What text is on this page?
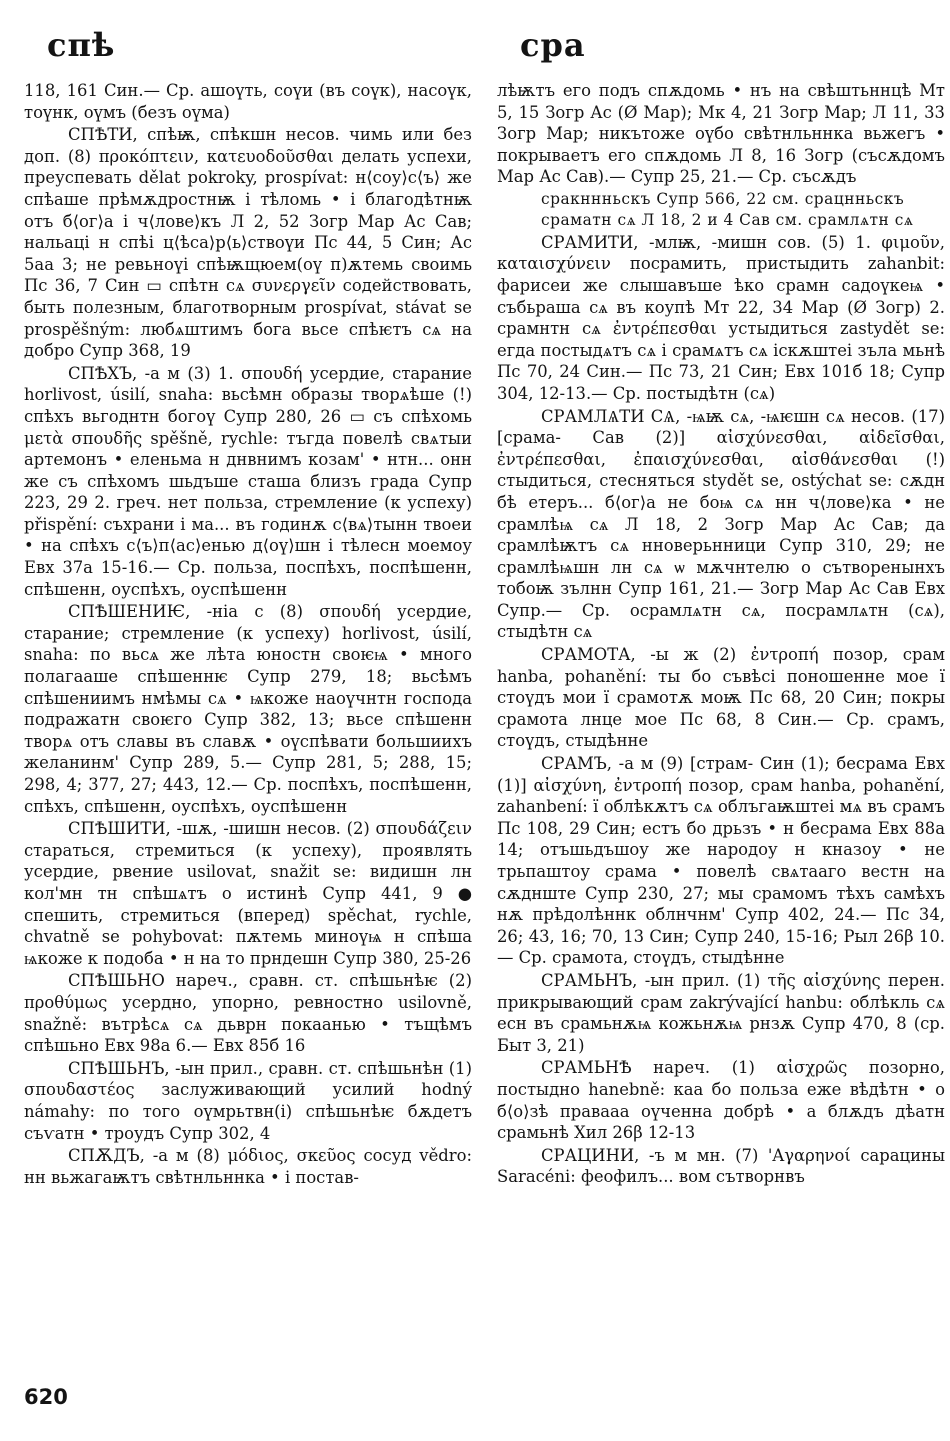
спѣ	сра

118, 161 Син.— Ср. ашоүть, соүи (въ соүк), насоүк, тоүнк, оүмъ (безъ оүма)

СПѢТИ, спѣѭ, спѣкшн несов. чимь или без доп. (8) προκόπτειν, κατευοδοῦσθαι делать успехи, преуспевать dělat pokroky, prospívat: н⟨соу⟩с⟨ъ⟩ же спѣаше прѣмѫдростнѭ і тѣломь • і благодѣтнѭ отъ б⟨ог⟩а і ч⟨лове⟩къ Л 2, 52 Зогр Мар Ас Сав; нальаці н спѣі ц⟨ѣса⟩р⟨ь⟩ствоүи Пс 44, 5 Син; Ас 5аа 3; не ревьноүі спѣѭщюем(оү п)ѫтемь своимь Пс 36, 7 Син ▭ спѣтн сѧ συνεργεῖν содействовать, быть полезным, благотворным prospívat, stávat se prospěšným: любѧштимъ бога вьсе спѣѥтъ сѧ на добро Супр 368, 19

СПѢХЪ, -а м (3) 1. σπουδή усердие, старание horlivost, úsilí, snaha: вьсѣмн образы творѧѣше (!) спѣхъ вьгоднтн богоү Супр 280, 26 ▭ съ спѣхомь μετὰ σπουδῆς spěšně, rychle: тъгда повелѣ свѧтыи артемонъ • еленьма н днвнимъ козам' • нтн... онн же съ спѣхомъ шьдъше сташа близъ града Супр 223, 29 2. греч. нет польза, стремление (к успеху) přispění: съхрани і ма... въ годинѫ с⟨вѧ⟩тынн твоеи • на спѣхъ с⟨ъ⟩п⟨ас⟩енью д⟨оү⟩шн і тѣлесн моемоу Евх 37а 15-16.— Ср. польза, поспѣхъ, поспѣшенн, спѣшенн, оуспѣхъ, оуспѣшенн

СПѢШЕНИѤ, -ніа с (8) σπουδή усердие, старание; стремление (к успеху) horlivost, úsilí, snaha: по вьсѧ же лѣта юностн своѥѩ • много полагааше спѣшеннѥ Супр 279, 18; вьсѣмъ спѣшениимъ нмѣмы сѧ • ѩкоже наоүчнтн господа подражатн своѥго Супр 382, 13; вьсе спѣшенн творѧ отъ славы въ славѫ • оүспѣвати большиихъ желанинм' Супр 289, 5.— Супр 281, 5; 288, 15; 298, 4; 377, 27; 443, 12.— Ср. поспѣхъ, поспѣшенн, спѣхъ, спѣшенн, оуспѣхъ, оуспѣшенн

СПѢШИТИ, -шѫ, -шишн несов. (2) σπουδάζειν стараться, стремиться (к успеху), проявлять усердие, рвение usilovat, snažit se: видишн лн кол'мн тн спѣшѧтъ о истинѣ Супр 441, 9 ● спешить, стремиться (вперед) spěchat, rychle, chvatně se pohybovat: пѫтемь миноүѩ н спѣша ѩкоже к подоба • н на то прндешн Супр 380, 25-26

СПѢШЬНО нареч., сравн. ст. спѣшьнѣѥ (2) προθύμως усердно, упорно, ревностно usilovně, snažně: вътрѣсѧ сѧ дьврн покаанью • тъщѣмъ спѣшьно Евх 98а 6.— Евх 85б 16

СПѢШЬНЪ, -ын прил., сравн. ст. спѣшьнѣн (1) σπουδαστέος заслуживающий усилий hodný námahy: по того оүмрьтвн(і) спѣшьнѣѥ бѫдетъ съѵатн • троудъ Супр 302, 4

СПѪДЪ, -а м (8) μόδιος, σκεῦος сосуд vědro: нн вьжагаѭтъ свѣтнльннка • і постав-

лѣѭтъ его подъ спѫдомь • нъ на свѣштьннцѣ Мт 5, 15 Зогр Ас (Ø Мар); Мк 4, 21 Зогр Мар; Л 11, 33 Зогр Мар; никътоже оүбо свѣтнльннка вьжегъ • покрываетъ его спѫдомь Л 8, 16 Зогр (съсѫдомъ Мар Ас Сав).— Супр 25, 21.— Ср. съсѫдъ

сракннньскъ Супр 566, 22 см. срацнньскъ

сраматн сѧ Л 18, 2 и 4 Сав см. срамлѧтн сѧ

СРАМИТИ, -млѭ, -мишн сов. (5) 1. φιμοῦν, καταισχύνειν посрамить, пристыдить zahanbit: фарисеи же слышавъше ѣко срамн садоүкеѩ • събьраша сѧ въ коупѣ Мт 22, 34 Мар (Ø Зогр) 2. срамнтн сѧ ἐντρέπεσθαι устыдиться zastydět se: егда постыдѧтъ сѧ і срамѧтъ сѧ іскѫштеі зъла мьнѣ Пс 70, 24 Син.— Пс 73, 21 Син; Евх 101б 18; Супр 304, 12-13.— Ср. постыдѣтн (сѧ)

СРАМЛѦТИ СѦ, -ѩѭ сѧ, -ѩѥшн сѧ несов. (17) [срама- Сав (2)] αἰσχύνεσθαι, αἰδεῖσθαι, ἐντρέπεσθαι, ἐπαισχύνεσθαι, αἰσθάνεσθαι (!) стыдиться, стесняться stydět se, ostýchat se: сѫдн бѣ етеръ... б⟨ог⟩а не боѩ сѧ нн ч⟨лове⟩ка • не срамлѣѩ сѧ Л 18, 2 Зогр Мар Ас Сав; да срамлѣѭтъ сѧ нноверьнници Супр 310, 29; не срамлѣѩшн лн сѧ ѡ мѫчнтелю о сътворенынхъ тобоѭ зълнн Супр 161, 21.— Зогр Мар Ас Сав Евх Супр.— Ср. осрамлѧтн сѧ, посрамлѧтн (сѧ), стыдѣтн сѧ

СРАМОТА, -ы ж (2) ἐντροπή позор, срам hanba, pohanění: ты бо съвѣсі поношенне мое ї стоүдъ мои ї срамотѫ моѭ Пс 68, 20 Син; покры срамота лнце мое Пс 68, 8 Син.— Ср. срамъ, стоүдъ, стыдѣнне

СРАМЪ, -а м (9) [страм- Син (1); бесрама Евх (1)] αἰσχύνη, ἐντροπή позор, срам hanba, pohanění, zahanbení: ї облѣкѫтъ сѧ облъгаѭштеі мѧ въ срамъ Пс 108, 29 Син; естъ бо дрьзъ • н бесрама Евх 88а 14; отъшьдъшоу же народоу н кназоу • не трьпаштоу срама • повелѣ свѧтааго вестн на сѫднште Супр 230, 27; мы срамомъ тѣхъ самѣхъ нѫ прѣдолѣннк облнчнм' Супр 402, 24.— Пс 34, 26; 43, 16; 70, 13 Син; Супр 240, 15-16; Рыл 26β 10.— Ср. срамота, стоүдъ, стыдѣнне

СРАМЬНЪ, -ын прил. (1) τῆς αἰσχύνης перен. прикрывающий срам zakrývající hanbu: облѣкль сѧ есн въ срамьнѫѩ кожьнѫѩ рнзѫ Супр 470, 8 (ср. Быт 3, 21)

СРАМЬНѢ нареч. (1) αἰσχρῶς позорно, постыдно hanebně: каа бо польза еже вѣдѣтн • о б⟨о⟩зѣ правааа оүченна добрѣ • а блѫдъ дѣатн срамьнѣ Хил 26β 12-13

СРАЦИНИ, -ъ м мн. (7) 'Αγαρηνοί сарацины Saracéni: феофилъ... вом сътворнвъ

620
